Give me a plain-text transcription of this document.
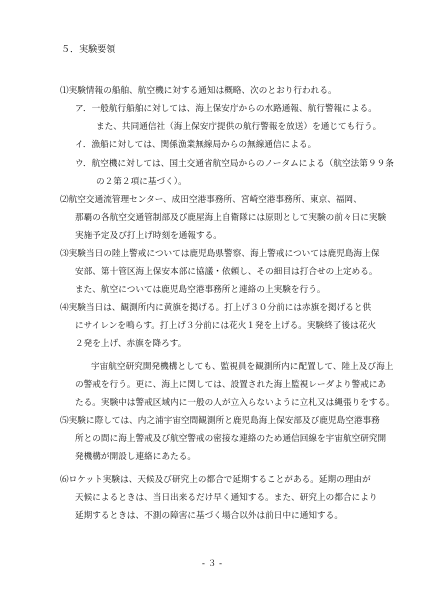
５．実験要領
⑴実験情報の船舶、航空機に対する通知は概略、次のとおり行われる。
ア．一般航行船舶に対しては、海上保安庁からの水路通報、航行警報による。
また、共同通信社（海上保安庁提供の航行警報を放送）を通じても行う。
イ．漁船に対しては、関係漁業無線局からの無線通信による。
ウ．航空機に対しては、国土交通省航空局からのノータムによる（航空法第９９条
の２第２項に基づく）。
⑵航空交通流管理センター、成田空港事務所、宮崎空港事務所、東京、福岡、
那覇の各航空交通管制部及び鹿屋海上自衛隊には原則として実験の前々日に実験
実施予定及び打上げ時刻を通報する。
⑶実験当日の陸上警戒については鹿児島県警察、海上警戒については鹿児島海上保
安部、第十管区海上保安本部に協議・依頼し、その細目は打合せの上定める。
また、航空については鹿児島空港事務所と連絡の上実験を行う。
⑷実験当日は、観測所内に黄旗を掲げる。打上げ３０分前には赤旗を掲げると供
にサイレンを鳴らす。打上げ３分前には花火１発を上げる。実験終了後は花火
２発を上げ、赤旗を降ろす。
宇宙航空研究開発機構としても、監視員を観測所内に配置して、陸上及び海上
の警戒を行う。更に、海上に関しては、設置された海上監視レーダより警戒にあ
たる。実験中は警戒区域内に一般の人が立入らないように立札又は縄張りをする。
⑸実験に際しては、内之浦宇宙空間観測所と鹿児島海上保安部及び鹿児島空港事務
所との間に海上警戒及び航空警戒の密接な連絡のため通信回線を宇宙航空研究開
発機構が開設し連絡にあたる。
⑹ロケット実験は、天候及び研究上の都合で延期することがある。延期の理由が
天候によるときは、当日出来るだけ早く通知する。また、研究上の都合により
延期するときは、不測の障害に基づく場合以外は前日中に通知する。
- ３ -
